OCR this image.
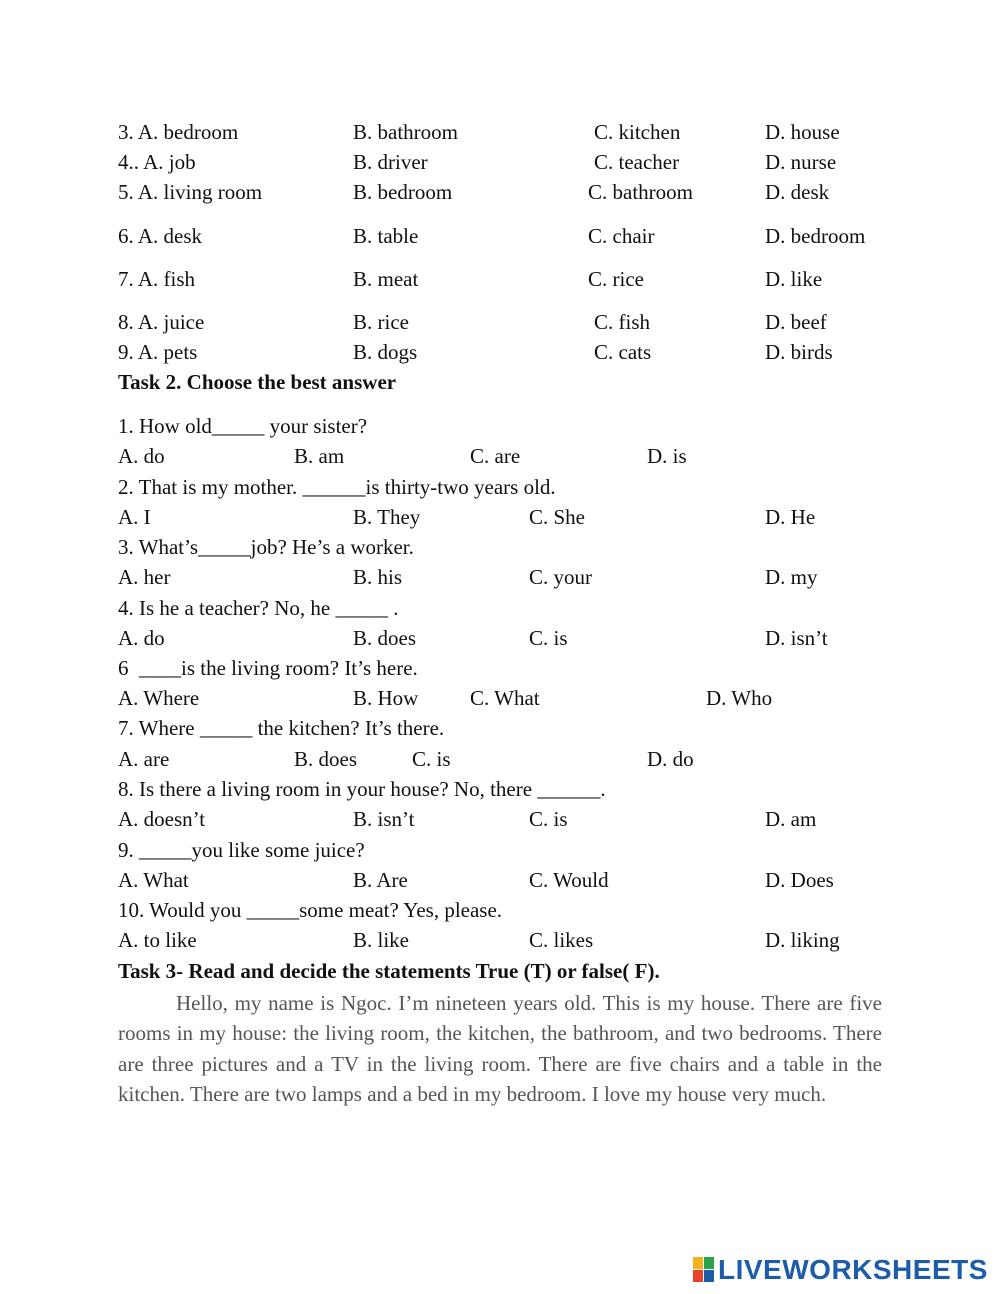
3. A. bedroom	B. bathroom	C. kitchen	D. house
4.. A. job	B. driver	C. teacher	D. nurse
5. A. living room	B. bedroom	C. bathroom	D. desk
6. A. desk	B. table	C. chair	D. bedroom
7. A. fish	B. meat	C. rice	D. like
8. A. juice	B. rice	C. fish	D. beef
9. A. pets	B. dogs	C. cats	D. birds
Task 2. Choose the best answer
1. How old_____ your sister?
A. do	B. am	C. are	D. is
2. That is my mother. ______is thirty-two years old.
A. I	B. They	C. She	D. He
3. What’s_____job? He’s a worker.
A. her	B. his	C. your	D. my
4. Is he a teacher? No, he _____ .
A. do	B. does	C. is	D. isn’t
6  ____is the living room? It’s here.
A. Where	B. How C. What	D. Who
7. Where _____ the kitchen? It’s there.
A. are	B. does	C. is	D. do
8. Is there a living room in your house? No, there ______.
A. doesn’t	B. isn’t	C. is	D. am
9. _____you like some juice?
A. What	B. Are	C. Would	D. Does
10. Would you _____some meat? Yes, please.
A. to like	B. like	C. likes	D. liking
Task 3- Read and decide the statements True (T) or false( F).

Hello, my name is Ngoc. I’m nineteen years old. This is my house. There are five rooms in my house: the living room, the kitchen, the bathroom, and two bedrooms. There are three pictures and a TV in the living room. There are five chairs and a table in the kitchen. There are two lamps and a bed in my bedroom. I love my house very much.

LIVEWORKSHEETS
